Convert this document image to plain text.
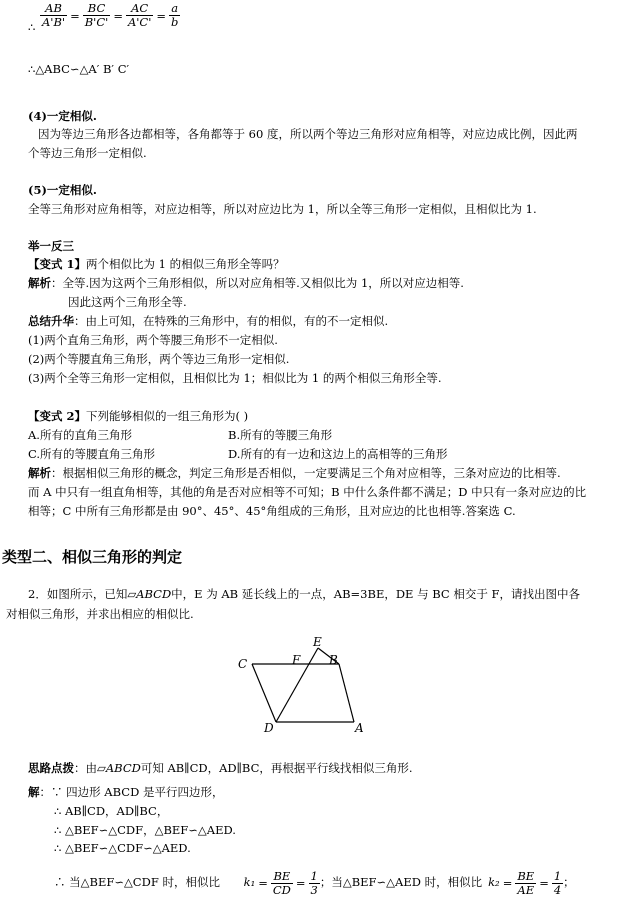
$\frac{AB}{A'B'} = \frac{BC}{B'C'} = \frac{AC}{A'C'} = \frac{a}{b}$
∴
∴△ABC∽△A′ B′ C′
(4)一定相似.
因为等边三角形各边都相等，各角都等于 60 度，所以两个等边三角形对应角相等，对应边成比例，因此两
个等边三角形一定相似.
(5)一定相似.
全等三角形对应角相等，对应边相等，所以对应边比为 1，所以全等三角形一定相似，且相似比为 1.
举一反三
【变式 1】两个相似比为 1 的相似三角形全等吗？
解析：全等.因为这两个三角形相似，所以对应角相等.又相似比为 1，所以对应边相等.
因此这两个三角形全等.
总结升华：由上可知，在特殊的三角形中，有的相似，有的不一定相似.
(1)两个直角三角形，两个等腰三角形不一定相似.
(2)两个等腰直角三角形，两个等边三角形一定相似.
(3)两个全等三角形一定相似，且相似比为 1；相似比为 1 的两个相似三角形全等.
【变式 2】下列能够相似的一组三角形为( )
A.所有的直角三角形	B.所有的等腰三角形
C.所有的等腰直角三角形	D.所有的有一边和这边上的高相等的三角形
解析：根据相似三角形的概念，判定三角形是否相似，一定要满足三个角对应相等，三条对应边的比相等.
而 A 中只有一组直角相等，其他的角是否对应相等不可知；B 中什么条件都不满足；D 中只有一条对应边的比
相等；C 中所有三角形都是由 90°、45°、45°角组成的三角形，且对应边的比也相等.答案选 C.
类型二、相似三角形的判定
2．如图所示，已知▱ABCD中，E 为 AB 延长线上的一点，AB=3BE，DE 与 BC 相交于 F，请找出图中各
对相似三角形，并求出相应的相似比.
C	F
E
B
D	A
思路点拨：由▱ABCD可知 AB∥CD，AD∥BC，再根据平行线找相似三角形.
解：∵ 四边形 ABCD 是平行四边形，
∴ AB∥CD，AD∥BC，
∴ △BEF∽△CDF，△BEF∽△AED.
∴ △BEF∽△CDF∽△AED.
∴ 当△BEF∽△CDF 时，相似比 $k_1 = \frac{BE}{CD} = \frac{1}{3}$ ；当△BEF∽△AED 时，相似比 $k_2 = \frac{BE}{AE} = \frac{1}{4}$ ；
